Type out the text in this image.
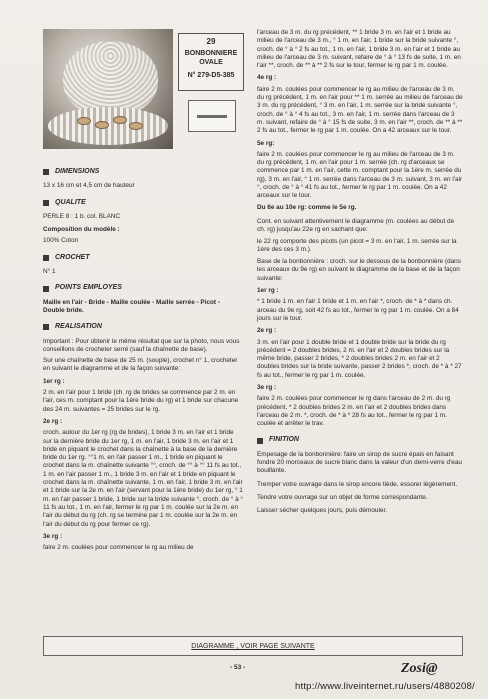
29
BONBONNIERE
OVALE
N° 279-D5-385
DIMENSIONS

13 x 16 cm et 4,5 cm de hauteur

QUALITE

PERLE 8 : 1 b. col. BLANC

Composition du modèle :

100% Coton

CROCHET

N° 1

POINTS EMPLOYES

Maille en l'air - Bride - Maille coulée - Maille serrée - Picot - Double bride.

REALISATION

Important : Pour obtenir le même résultat que sur la photo, nous vous conseillons de crocheter serré (sauf la chaînette de base).

Sur une chaînette de base de 25 m. (souple), crochet n° 1, crocheter en suivant le diagramme et de la façon suivante:

1er rg :

2 m. en l'air pour 1 bride (ch. rg de brides se commence par 2 m. en l'air, ces m. comptant pour la 1ère bride du rg) et 1 bride sur chacune des 24 m. suivantes = 25 brides sur le rg.

2e rg :

croch. autour du 1er rg (rg de brides), 1 bride 3 m. en l'air et 1 bride sur la dernière bride du 1er rg, 1 m. en l'air, 1 bride 3 m. en l'air et 1 bride en piquant le crochet dans la chaînette à la base de la dernière bride du 1er rg. °°1 m. en l'air passer 1 m., 1 bride en piquant le crochet dans la m. chaînette suivante °°, croch. de °° à °° 11 fs au tot., 1 m. en l'air passer 1 m., 1 bride 3 m. en l'air et 1 bride en piquant le crochet dans la m. chaînette suivante, 1 m. en l'air, 1 bride 3 m. en l'air et 1 bride sur la 2e m. en l'air (servant pour la 1ère bride) du 1er rg, ° 1 m. en l'air passer 1 bride, 1 bride sur la bride suivante °, croch. de ° à ° 11 fs au tot., 1 m. en l'air, fermer le rg par 1 m. coulée sur la 2e m. en l'air du début du rg (ch. rg se termine par 1 m. coulée sur la 2e m. en l'air du début du rg pour fermer ce rg).

3e rg :

faire 2 m. coulées pour commencer le rg au milieu de

l'arceau de 3 m. du rg précédent, ** 1 bride 3 m. en l'air et 1 bride au milieu de l'arceau de 3 m., ° 1 m. en l'air, 1 bride sur la bride suivante °, croch. de ° à ° 2 fs au tot., 1 m. en l'air, 1 bride 3 m. en l'air et 1 bride au milieu de l'arceau de 3 m. suivant, refaire de ° à ° 13 fs de suite, 1 m. en l'air **, croch. de ** à ** 2 fs sur le tour, fermer le rg par 1 m. coulée.

4e rg :

faire 2 m. coulées pour commencer le rg au milieu de l'arceau de 3 m. du rg précédent, 1 m. en l'air pour ** 1 m. serrée au milieu de l'arceau de 3 m. du rg précédent, ° 3 m. en l'air, 1 m. serrée sur la bride suivante °, croch. de ° à ° 4 fs au tot., 3 m. en l'air, 1 m. serrée dans l'arceau de 3 m. suivant, refaire de ° à ° 15 fs de suite, 3 m. en l'air **, croch. de ** à ** 2 fs au tot., fermer le rg par 1 m. coulée. On a 42 arceaux sur le tour.

5e rg:

faire 2 m. coulées pour commencer le rg au milieu de l'arceau de 3 m. du rg précédent, 1 m. en l'air pour 1 m. serrée (ch. rg d'arceaux se commence par 1 m. en l'air, cette m. comptant pour la 1ère m. serrée du rg), 3 m. en l'air, ° 1 m. serrée dans l'arceau de 3 m. suivant, 3 m. en l'air °, croch. de ° à ° 41 fs au tot., fermer le rg par 1 m. coulée. On a 42 arceaux sur le tour.

Du 6e au 10e rg: comme le 5e rg.

Cont. en suivant attentivement le diagramme (m. coulées au début de ch. rg) jusqu'au 22e rg en sachant que:

le 22 rg comporte des picots (un picot = 3 m. en l'air, 1 m. serrée sur la 1ère des ces 3 m.).

Base de la bonbonnière : croch. sur le dessous de la bonbonnière (dans les arceaux du 9e rg) en suivant le diagramme de la base et de la façon suivante:

1er rg :

* 1 bride 1 m. en l'air 1 bride et 1 m. en l'air *, croch. de * à * dans ch. arceau du 9e rg, soit 42 fs au tot., fermer le rg par 1 m. coulée. On a 84 jours sur le tour.

2e rg :

3 m. en l'air pour 1 double bride et 1 double bride sur la bride du rg précédent = 2 doubles brides, 2 m. en l'air et 2 doubles brides sur la même bride, passer 2 brides, * 2 doubles brides 2 m. en l'air et 2 doubles brides sur la bride suivante, passer 2 brides *, croch. de * à * 27 fs au tot., fermer le rg par 1 m. coulée.

3e rg :

faire 2 m. coulées pour commencer le rg dans l'arceau de 2 m. du rg précédent, * 2 doubles brides 2 m. en l'air et 2 doubles brides dans l'arceau de 2 m. *, croch. de * à * 28 fs au tot., fermer le rg par 1 m. coulée et arrêter le trav.

FINITION

Empesage de la bonbonnière: faire un sirop de sucre épais en faisant fondre 20 morceaux de sucre blanc dans la valeur d'un demi-verre d'eau bouillante.

Tremper votre ouvrage dans le sirop encore tiède, essorer légèrement.

Tendre votre ouvrage sur un objet de forme correspondante.

Laisser sécher quelques jours, puis démouler.

DIAGRAMME , VOIR PAGE SUIVANTE
- 53 -	Zosi@
http://www.liveinternet.ru/users/4880208/
